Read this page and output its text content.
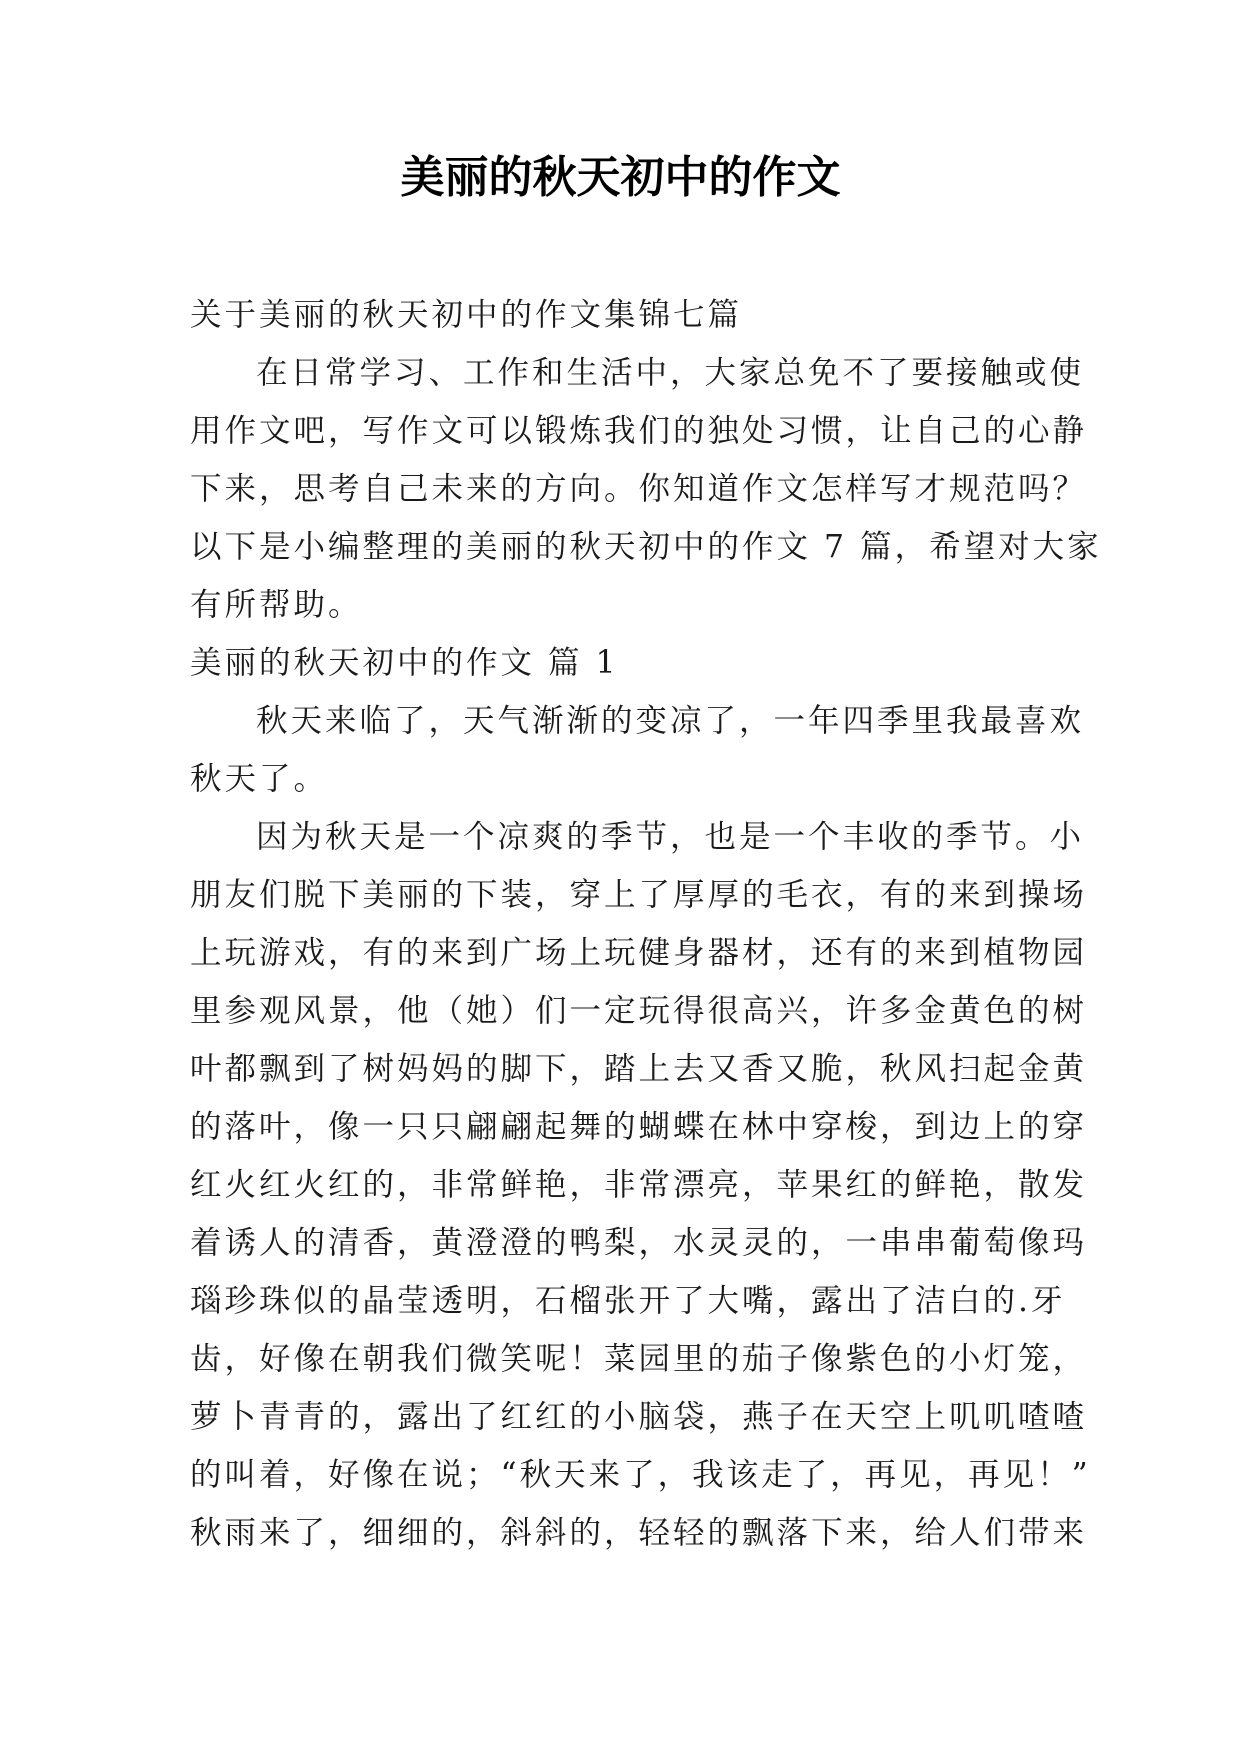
美丽的秋天初中的作文
关于美丽的秋天初中的作文集锦七篇
在日常学习、工作和生活中，大家总免不了要接触或使
用作文吧，写作文可以锻炼我们的独处习惯，让自己的心静
下来，思考自己未来的方向。你知道作文怎样写才规范吗？
以下是小编整理的美丽的秋天初中的作文 7 篇，希望对大家
有所帮助。
美丽的秋天初中的作文 篇 1
秋天来临了，天气渐渐的变凉了，一年四季里我最喜欢
秋天了。
因为秋天是一个凉爽的季节，也是一个丰收的季节。小
朋友们脱下美丽的下装，穿上了厚厚的毛衣，有的来到操场
上玩游戏，有的来到广场上玩健身器材，还有的来到植物园
里参观风景，他（她）们一定玩得很高兴，许多金黄色的树
叶都飘到了树妈妈的脚下，踏上去又香又脆，秋风扫起金黄
的落叶，像一只只翩翩起舞的蝴蝶在林中穿梭，到边上的穿
红火红火红的，非常鲜艳，非常漂亮，苹果红的鲜艳，散发
着诱人的清香，黄澄澄的鸭梨，水灵灵的，一串串葡萄像玛
瑙珍珠似的晶莹透明，石榴张开了大嘴，露出了洁白的.牙
齿，好像在朝我们微笑呢！菜园里的茄子像紫色的小灯笼，
萝卜青青的，露出了红红的小脑袋，燕子在天空上叽叽喳喳
的叫着，好像在说；“秋天来了，我该走了，再见，再见！”
秋雨来了，细细的，斜斜的，轻轻的飘落下来，给人们带来
